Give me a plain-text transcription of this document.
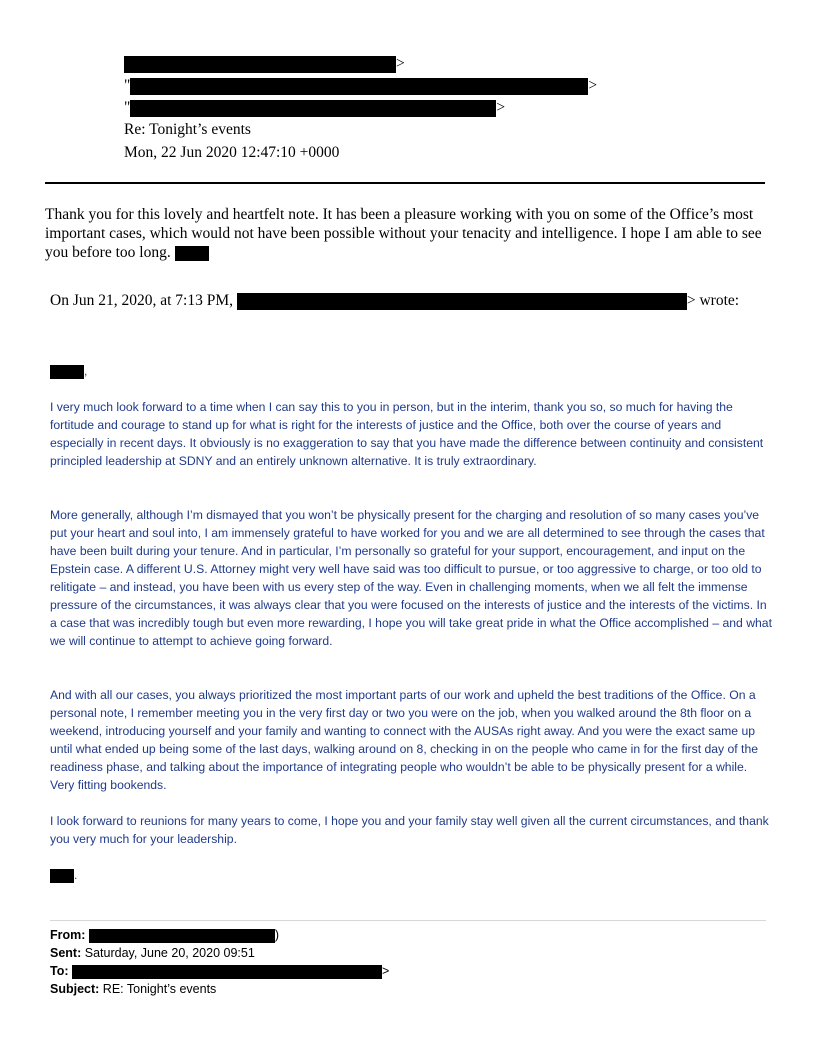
>
"	>
"	>
Re: Tonight’s events
Mon, 22 Jun 2020 12:47:10 +0000
Thank you for this lovely and heartfelt note. It has been a pleasure working with you on some of the Office’s most important cases, which would not have been possible without your tenacity and intelligence. I hope I am able to see you before too long.
On Jun 21, 2020, at 7:13 PM,	> wrote:
,

I very much look forward to a time when I can say this to you in person, but in the interim, thank you so, so much for having the fortitude and courage to stand up for what is right for the interests of justice and the Office, both over the course of years and especially in recent days. It obviously is no exaggeration to say that you have made the difference between continuity and consistent principled leadership at SDNY and an entirely unknown alternative. It is truly extraordinary.

More generally, although I’m dismayed that you won’t be physically present for the charging and resolution of so many cases you’ve put your heart and soul into, I am immensely grateful to have worked for you and we are all determined to see through the cases that have been built during your tenure. And in particular, I’m personally so grateful for your support, encouragement, and input on the Epstein case. A different U.S. Attorney might very well have said was too difficult to pursue, or too aggressive to charge, or too old to relitigate – and instead, you have been with us every step of the way. Even in challenging moments, when we all felt the immense pressure of the circumstances, it was always clear that you were focused on the interests of justice and the interests of the victims. In a case that was incredibly tough but even more rewarding, I hope you will take great pride in what the Office accomplished – and what we will continue to attempt to achieve going forward.

And with all our cases, you always prioritized the most important parts of our work and upheld the best traditions of the Office. On a personal note, I remember meeting you in the very first day or two you were on the job, when you walked around the 8th floor on a weekend, introducing yourself and your family and wanting to connect with the AUSAs right away. And you were the exact same up until what ended up being some of the last days, walking around on 8, checking in on the people who came in for the first day of the readiness phase, and talking about the importance of integrating people who wouldn’t be able to be physically present for a while. Very fitting bookends.

I look forward to reunions for many years to come, I hope you and your family stay well given all the current circumstances, and thank you very much for your leadership.

.
From:	)
Sent: Saturday, June 20, 2020 09:51
To:	>
Subject: RE: Tonight’s events
